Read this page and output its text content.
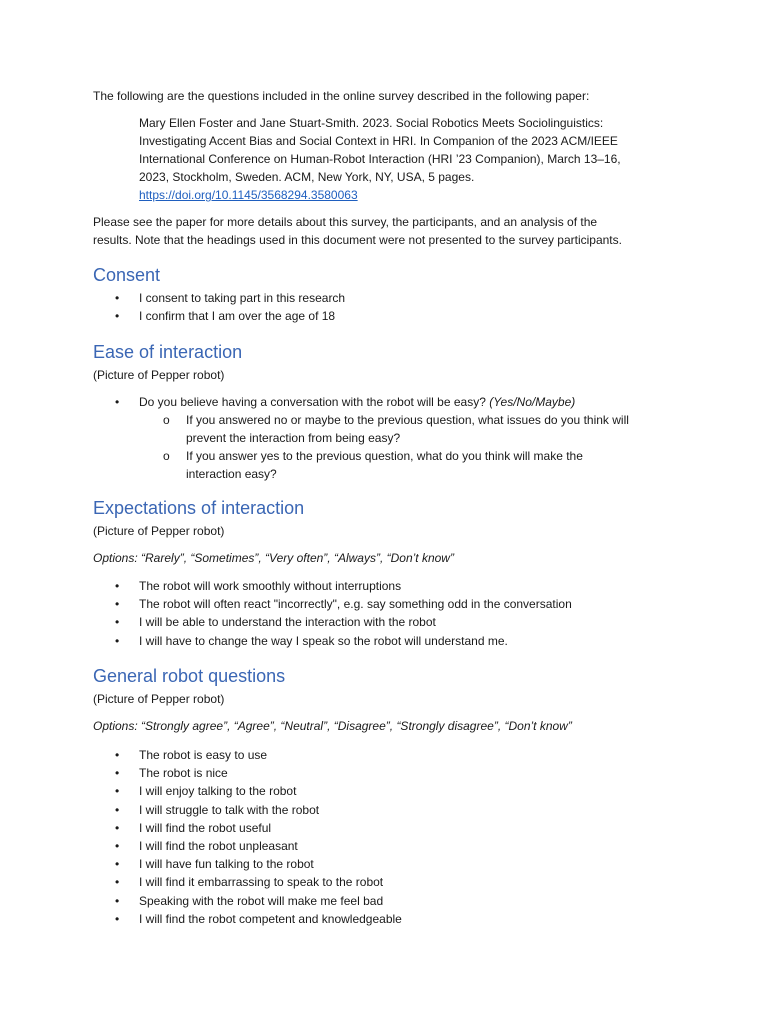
The following are the questions included in the online survey described in the following paper:

Mary Ellen Foster and Jane Stuart-Smith. 2023. Social Robotics Meets Sociolinguistics:

Investigating Accent Bias and Social Context in HRI. In Companion of the 2023 ACM/IEEE

International Conference on Human-Robot Interaction (HRI ’23 Companion), March 13–16,

2023, Stockholm, Sweden. ACM, New York, NY, USA, 5 pages.

https://doi.org/10.1145/3568294.3580063

Please see the paper for more details about this survey, the participants, and an analysis of the

results. Note that the headings used in this document were not presented to the survey participants.

Consent
• I consent to taking part in this research
• I confirm that I am over the age of 18
Ease of interaction

(Picture of Pepper robot)

• Do you believe having a conversation with the robot will be easy? (Yes/No/Maybe)
o If you answered no or maybe to the previous question, what issues do you think will
prevent the interaction from being easy?
o If you answer yes to the previous question, what do you think will make the
interaction easy?
Expectations of interaction

(Picture of Pepper robot)

Options: “Rarely”, “Sometimes”, “Very often”, “Always”, “Don’t know”

• The robot will work smoothly without interruptions
• The robot will often react "incorrectly", e.g. say something odd in the conversation
• I will be able to understand the interaction with the robot
• I will have to change the way I speak so the robot will understand me.
General robot questions

(Picture of Pepper robot)

Options: “Strongly agree”, “Agree”, “Neutral”, “Disagree”, “Strongly disagree”, “Don’t know”

• The robot is easy to use
• The robot is nice
• I will enjoy talking to the robot
• I will struggle to talk with the robot
• I will find the robot useful
• I will find the robot unpleasant
• I will have fun talking to the robot
• I will find it embarrassing to speak to the robot
• Speaking with the robot will make me feel bad
• I will find the robot competent and knowledgeable
